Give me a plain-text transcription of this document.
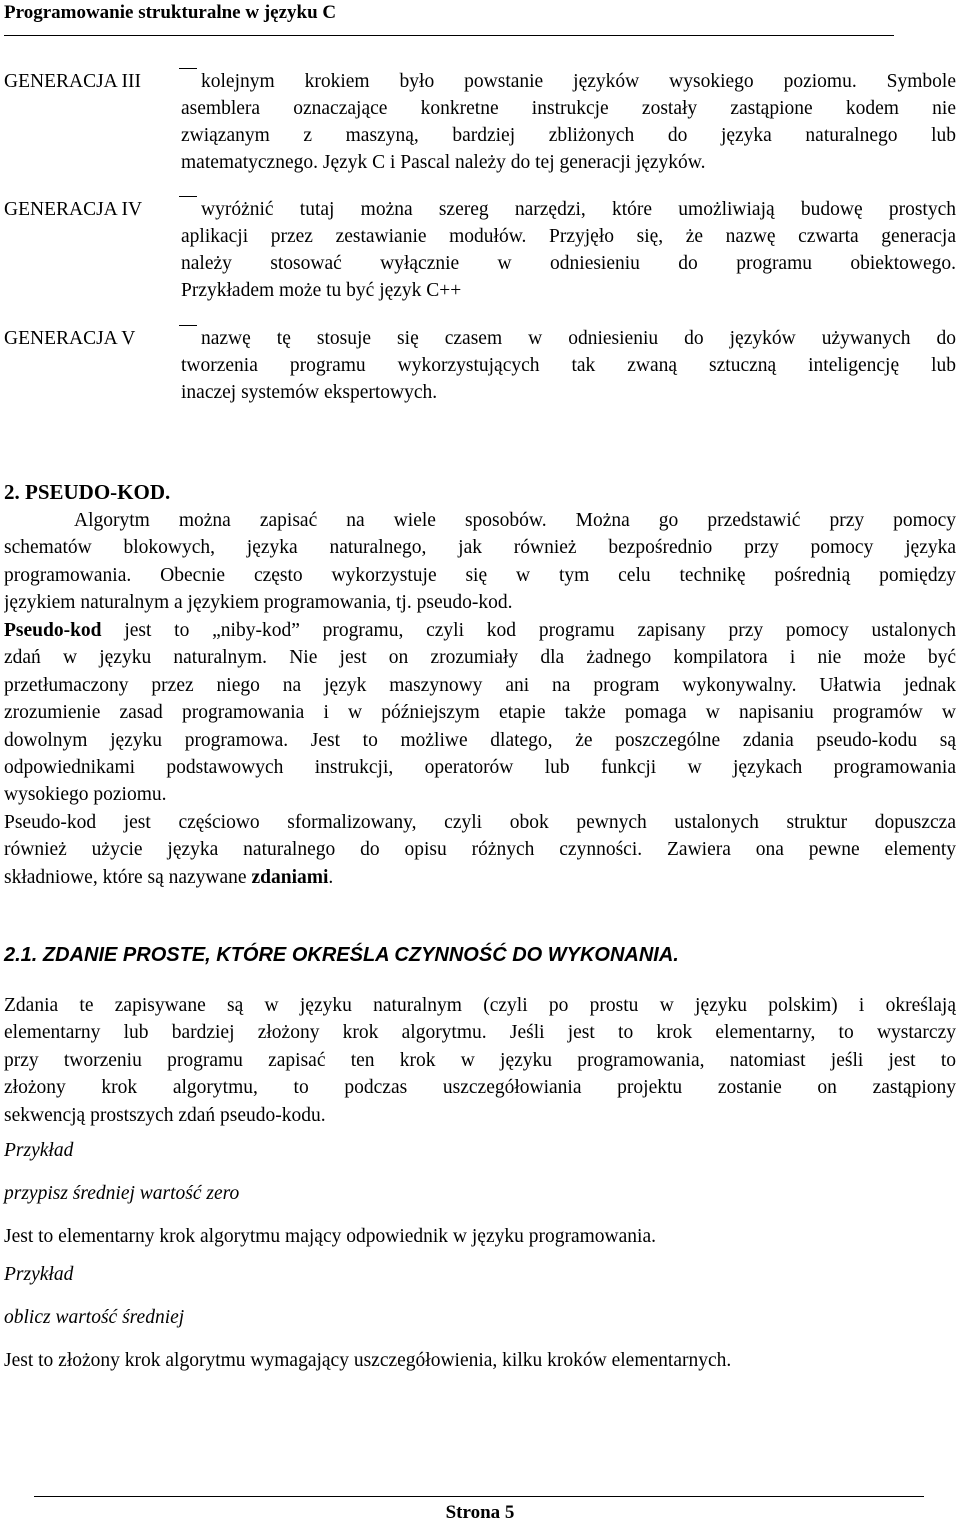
Programowanie strukturalne w języku C
GENERACJA III	kolejnym krokiem było powstanie języków wysokiego poziomu. Symbole
asemblera oznaczające konkretne instrukcje zostały zastąpione kodem nie
związanym z maszyną, bardziej zbliżonych do języka naturalnego lub
matematycznego. Język C i Pascal należy do tej generacji języków.
GENERACJA IV	wyróżnić tutaj można szereg narzędzi, które umożliwiają budowę prostych
aplikacji przez zestawianie modułów. Przyjęło się, że nazwę czwarta generacja
należy stosować wyłącznie w odniesieniu do programu obiektowego.
Przykładem może tu być język C++
GENERACJA V	nazwę tę stosuje się czasem w odniesieniu do języków używanych do
tworzenia programu wykorzystujących tak zwaną sztuczną inteligencję lub
inaczej systemów ekspertowych.
2. PSEUDO-KOD.
Algorytm można zapisać na wiele sposobów. Można go przedstawić przy pomocy
schematów blokowych, języka naturalnego, jak również bezpośrednio przy pomocy języka
programowania. Obecnie często wykorzystuje się w tym celu technikę pośrednią pomiędzy
językiem naturalnym a językiem programowania, tj. pseudo-kod.
Pseudo-kod jest to „niby-kod” programu, czyli kod programu zapisany przy pomocy ustalonych
zdań w języku naturalnym. Nie jest on zrozumiały dla żadnego kompilatora i nie może być
przetłumaczony przez niego na język maszynowy ani na program wykonywalny. Ułatwia jednak
zrozumienie zasad programowania i w późniejszym etapie także pomaga w napisaniu programów w
dowolnym języku programowa. Jest to możliwe dlatego, że poszczególne zdania pseudo-kodu są
odpowiednikami podstawowych instrukcji, operatorów lub funkcji w językach programowania
wysokiego poziomu.
Pseudo-kod jest częściowo sformalizowany, czyli obok pewnych ustalonych struktur dopuszcza
również użycie języka naturalnego do opisu różnych czynności. Zawiera ona pewne elementy
składniowe, które są nazywane zdaniami.
2.1. ZDANIE PROSTE, KTÓRE OKREŚLA CZYNNOŚĆ DO WYKONANIA.
Zdania te zapisywane są w języku naturalnym (czyli po prostu w języku polskim) i określają
elementarny lub bardziej złożony krok algorytmu. Jeśli jest to krok elementarny, to wystarczy
przy tworzeniu programu zapisać ten krok w języku programowania, natomiast jeśli jest to
złożony krok algorytmu, to podczas uszczegółowiania projektu zostanie on zastąpiony
sekwencją prostszych zdań pseudo-kodu.
Przykład
przypisz średniej wartość zero
Jest to elementarny krok algorytmu mający odpowiednik w języku programowania.
Przykład
oblicz wartość średniej
Jest to złożony krok algorytmu wymagający uszczegółowienia, kilku kroków elementarnych.
Strona 5
